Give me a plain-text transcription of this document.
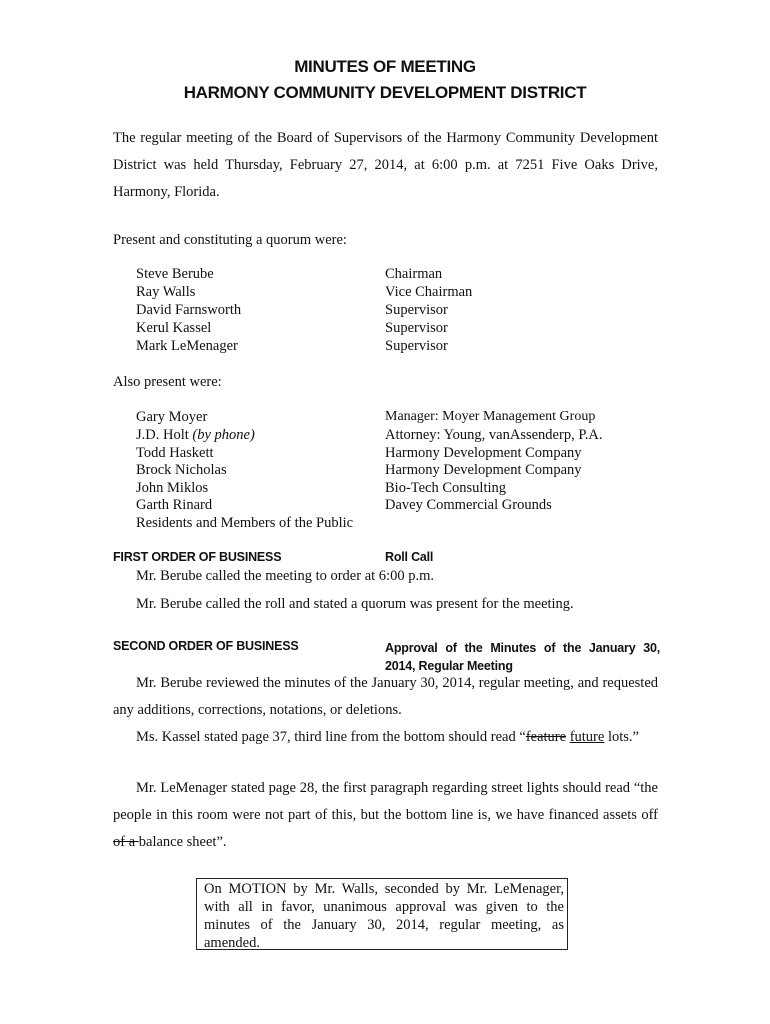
MINUTES OF MEETING
HARMONY COMMUNITY DEVELOPMENT DISTRICT
The regular meeting of the Board of Supervisors of the Harmony Community Development District was held Thursday, February 27, 2014, at 6:00 p.m. at 7251 Five Oaks Drive, Harmony, Florida.
Present and constituting a quorum were:
Steve Berube	Chairman
Ray Walls	Vice Chairman
David Farnsworth	Supervisor
Kerul Kassel	Supervisor
Mark LeMenager	Supervisor
Also present were:
Gary Moyer	Manager: Moyer Management Group
J.D. Holt (by phone)	Attorney: Young, vanAssenderp, P.A.
Todd Haskett	Harmony Development Company
Brock Nicholas	Harmony Development Company
John Miklos	Bio-Tech Consulting
Garth Rinard	Davey Commercial Grounds
Residents and Members of the Public
FIRST ORDER OF BUSINESS	Roll Call
Mr. Berube called the meeting to order at 6:00 p.m.
Mr. Berube called the roll and stated a quorum was present for the meeting.
SECOND ORDER OF BUSINESS	Approval of the Minutes of the January 30, 2014, Regular Meeting
Mr. Berube reviewed the minutes of the January 30, 2014, regular meeting, and requested any additions, corrections, notations, or deletions.
Ms. Kassel stated page 37, third line from the bottom should read “feature future lots.”
Mr. LeMenager stated page 28, the first paragraph regarding street lights should read “the people in this room were not part of this, but the bottom line is, we have financed assets off of a balance sheet”.
On MOTION by Mr. Walls, seconded by Mr. LeMenager, with all in favor, unanimous approval was given to the minutes of the January 30, 2014, regular meeting, as amended.
